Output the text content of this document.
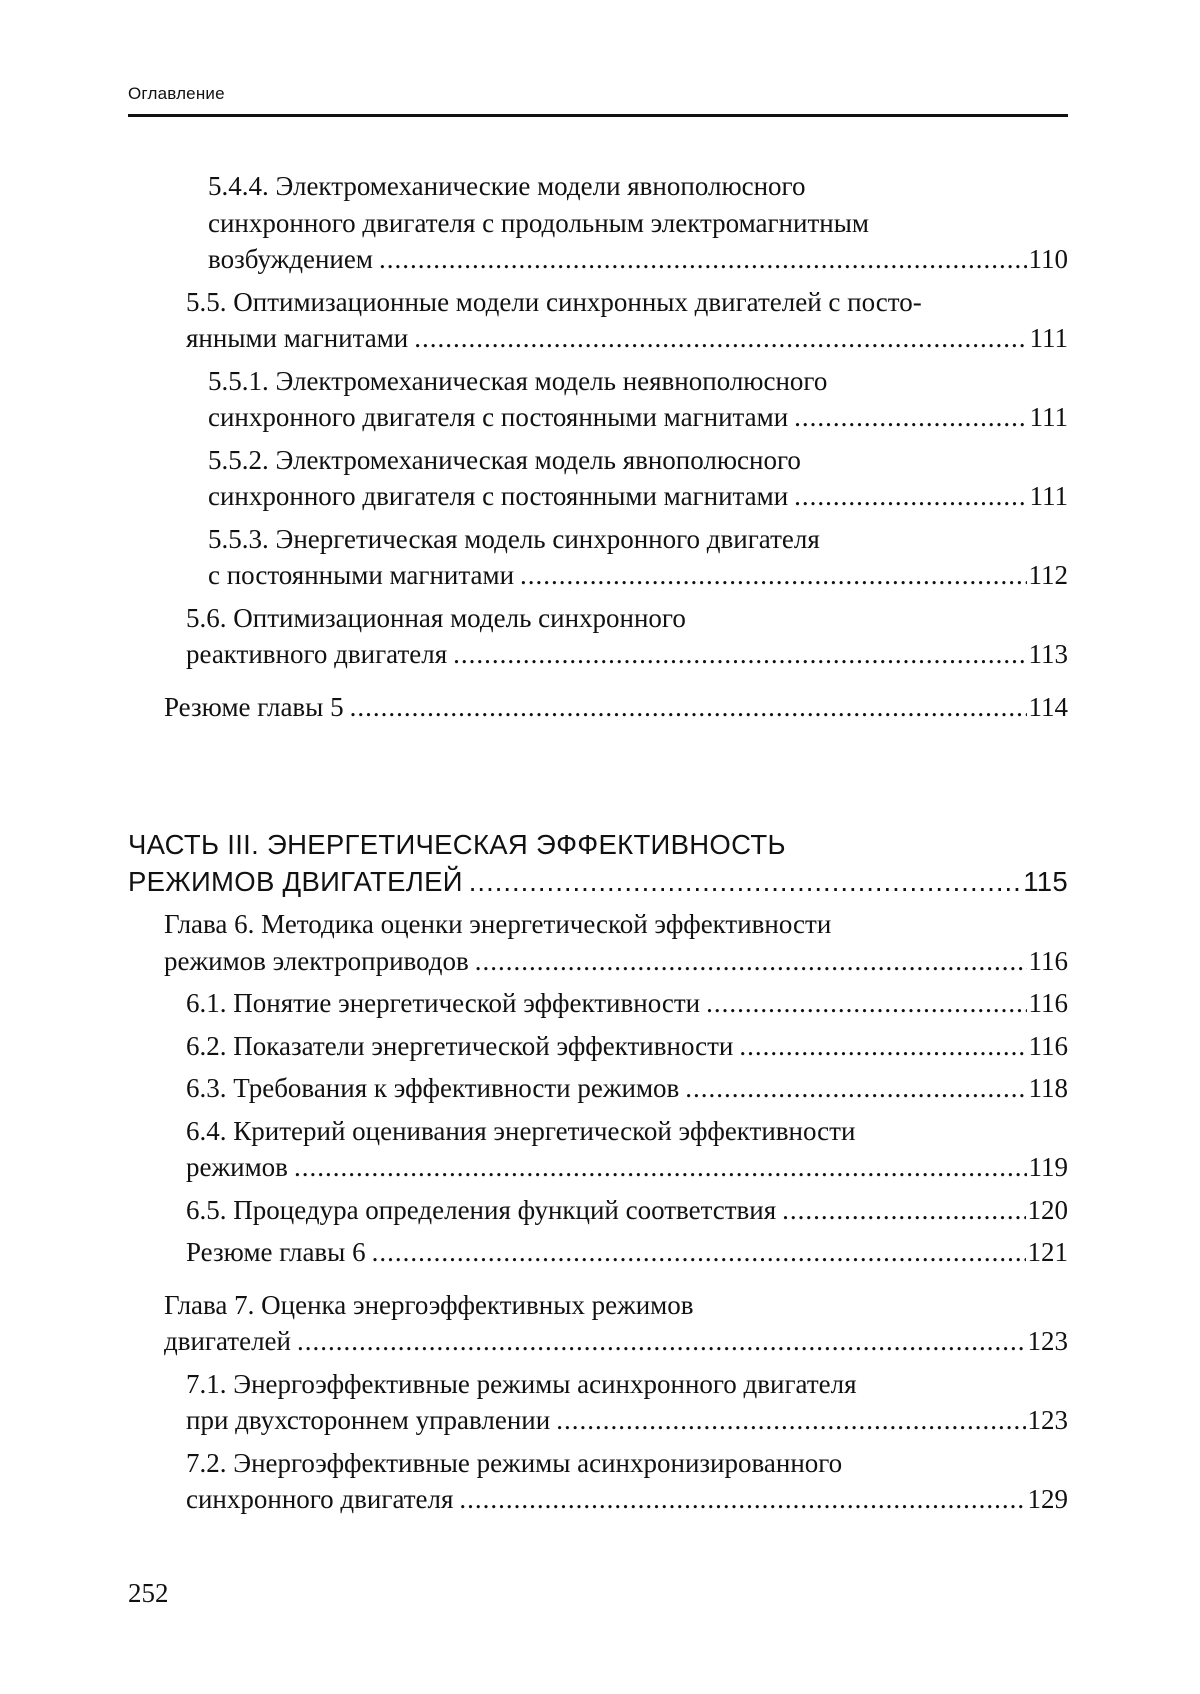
Оглавление
5.4.4. Электромеханические модели явнополюсного
синхронного двигателя с продольным электромагнитным
возбуждением .....	110
5.5. Оптимизационные модели синхронных двигателей с посто-
янными магнитами .....	111
5.5.1. Электромеханическая модель неявнополюсного
синхронного двигателя с постоянными магнитами .....	111
5.5.2. Электромеханическая модель явнополюсного
синхронного двигателя с постоянными магнитами .....	111
5.5.3. Энергетическая модель синхронного двигателя
с постоянными магнитами .....	112
5.6. Оптимизационная модель синхронного
реактивного двигателя .....	113
Резюме главы 5 .....	114
ЧАСТЬ III. ЭНЕРГЕТИЧЕСКАЯ ЭФФЕКТИВНОСТЬ
РЕЖИМОВ ДВИГАТЕЛЕЙ .....	115
Глава 6. Методика оценки энергетической эффективности
режимов электроприводов .....	116
6.1. Понятие энергетической эффективности .....	116
6.2. Показатели энергетической эффективности .....	116
6.3. Требования к эффективности режимов .....	118
6.4. Критерий оценивания энергетической эффективности
режимов .....	119
6.5. Процедура определения функций соответствия .....	120
Резюме главы 6 .....	121
Глава 7. Оценка энергоэффективных режимов
двигателей .....	123
7.1. Энергоэффективные режимы асинхронного двигателя
при двухстороннем управлении .....	123
7.2. Энергоэффективные режимы асинхронизированного
синхронного двигателя .....	129
252
